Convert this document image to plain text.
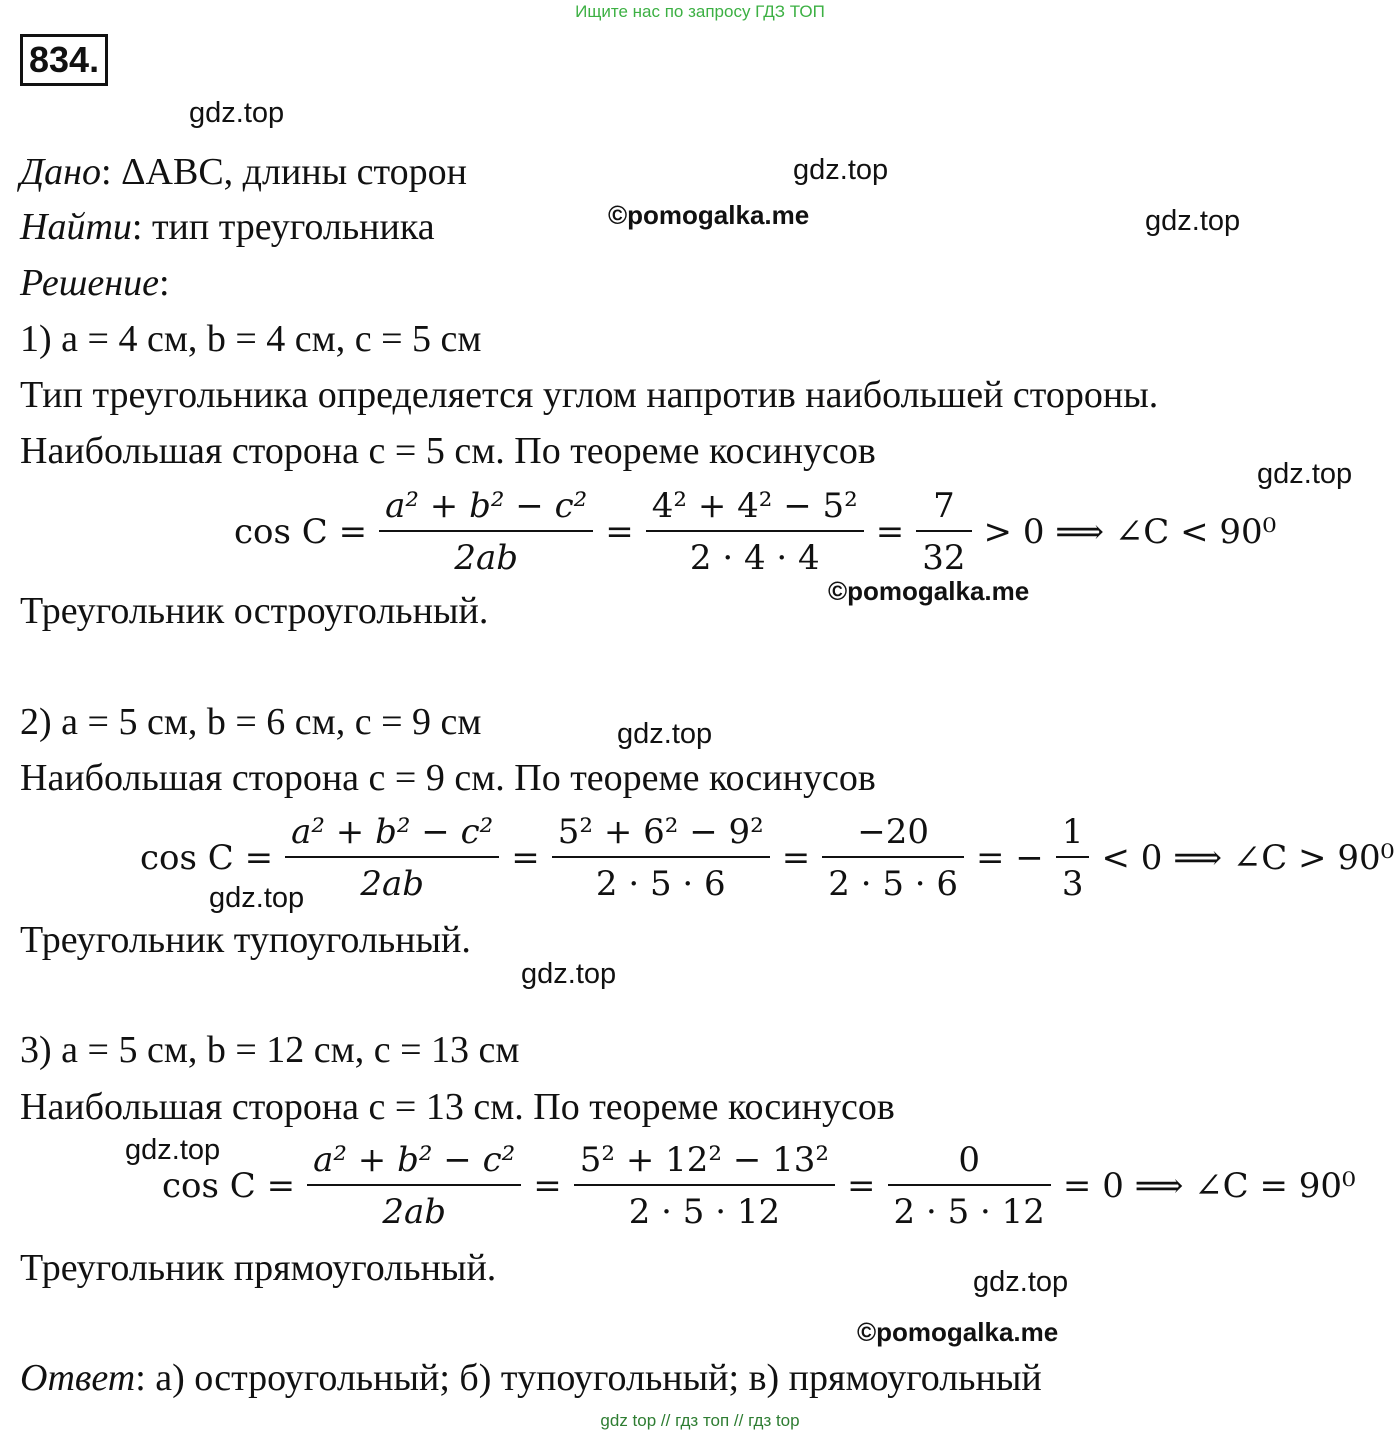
Ищите нас по запросу ГДЗ ТОП
834.
Дано: ΔABC, длины сторон
Найти: тип треугольника
Решение:
1) a = 4 см, b = 4 см, c = 5 см
Тип треугольника определяется углом напротив наибольшей стороны.
Наибольшая сторона c = 5 см. По теореме косинусов
$\cos C = \frac{\text{a² + b² − c²}}{2ab} = \frac{\text{4² + 4² − 5²}}{2 \cdot 4 \cdot 4} = \frac{7}{32} > 0$ ⟹ ∠C < 90⁰
Треугольник остроугольный.
2) a = 5 см, b = 6 см, c = 9 см
Наибольшая сторона c = 9 см. По теореме косинусов
$\cos C = \frac{\text{a² + b² − c²}}{2ab} = \frac{\text{5² + 6² − 9²}}{2 \cdot 5 \cdot 6} = \frac{-20}{2 \cdot 5 \cdot 6}$ = − $\frac{1}{3} < 0$ ⟹ ∠C > 90⁰
Треугольник тупоугольный.
3) a = 5 см, b = 12 см, c = 13 см
Наибольшая сторона c = 13 см. По теореме косинусов
$\cos C = \frac{\text{a² + b² − c²}}{2ab} = \frac{\text{5² + 12² − 13²}}{2 \cdot 5 \cdot 12} = \frac{0}{2 \cdot 5 \cdot 12} = 0$ ⟹ ∠C = 90⁰
Треугольник прямоугольный.
Ответ: а) остроугольный; б) тупоугольный; в) прямоугольный
gdz.top
gdz.top
gdz.top
gdz.top
gdz.top
gdz.top
gdz.top
gdz.top
gdz.top
©pomogalka.me
©pomogalka.me
©pomogalka.me
gdz top // гдз топ // гдз top
